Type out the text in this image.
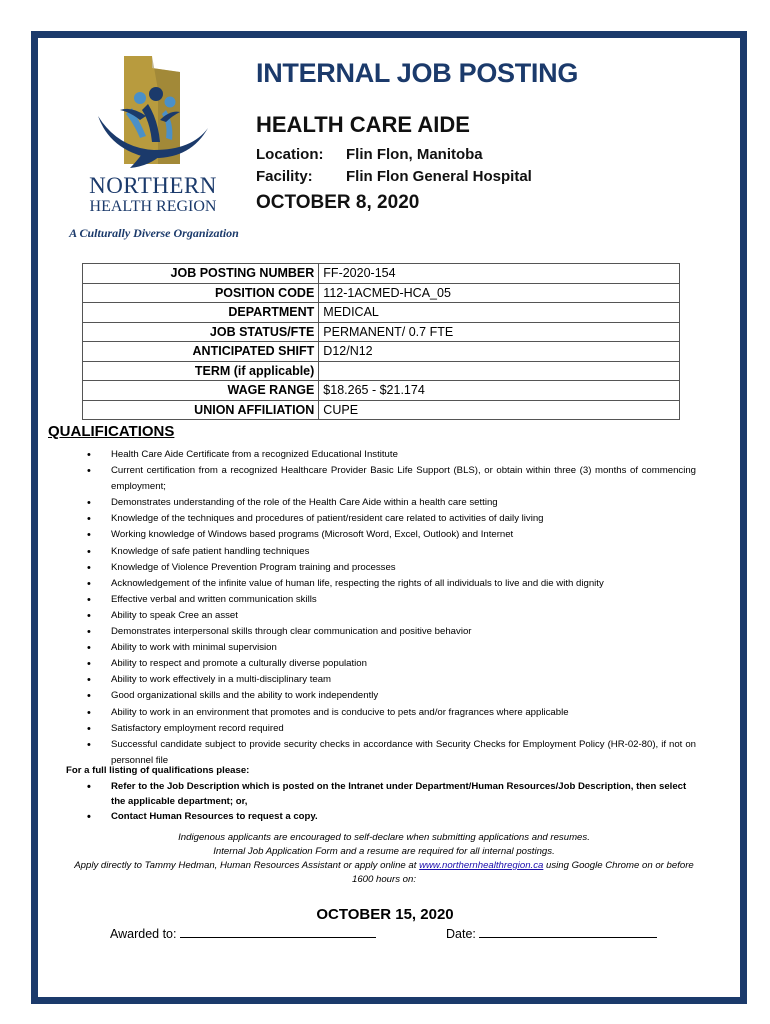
NORTHERN
HEALTH REGION
A Culturally Diverse Organization
INTERNAL JOB POSTING
HEALTH CARE AIDE
Location: Flin Flon, Manitoba
Facility: Flin Flon General Hospital
OCTOBER 8, 2020
JOB POSTING NUMBER	FF-2020-154
POSITION CODE	112-1ACMED-HCA_05
DEPARTMENT	MEDICAL
JOB STATUS/FTE	PERMANENT/ 0.7 FTE
ANTICIPATED SHIFT	D12/N12
TERM (if applicable)	
WAGE RANGE	$18.265 - $21.174
UNION AFFILIATION	CUPE
QUALIFICATIONS
• Health Care Aide Certificate from a recognized Educational Institute
• Current certification from a recognized Healthcare Provider Basic Life Support (BLS), or obtain within three (3) months of commencing employment;
• Demonstrates understanding of the role of the Health Care Aide within a health care setting
• Knowledge of the techniques and procedures of patient/resident care related to activities of daily living
• Working knowledge of Windows based programs (Microsoft Word, Excel, Outlook) and Internet
• Knowledge of safe patient handling techniques
• Knowledge of Violence Prevention Program training and processes
• Acknowledgement of the infinite value of human life, respecting the rights of all individuals to live and die with dignity
• Effective verbal and written communication skills
• Ability to speak Cree an asset
• Demonstrates interpersonal skills through clear communication and positive behavior
• Ability to work with minimal supervision
• Ability to respect and promote a culturally diverse population
• Ability to work effectively in a multi-disciplinary team
• Good organizational skills and the ability to work independently
• Ability to work in an environment that promotes and is conducive to pets and/or fragrances where applicable
• Satisfactory employment record required
• Successful candidate subject to provide security checks in accordance with Security Checks for Employment Policy (HR-02-80), if not on personnel file
For a full listing of qualifications please:
• Refer to the Job Description which is posted on the Intranet under Department/Human Resources/Job Description, then select the applicable department; or,
• Contact Human Resources to request a copy.
Indigenous applicants are encouraged to self-declare when submitting applications and resumes.
Internal Job Application Form and a resume are required for all internal postings.
Apply directly to Tammy Hedman, Human Resources Assistant or apply online at www.northernhealthregion.ca using Google Chrome on or before
1600 hours on:
OCTOBER 15, 2020
Awarded to:	Date:
